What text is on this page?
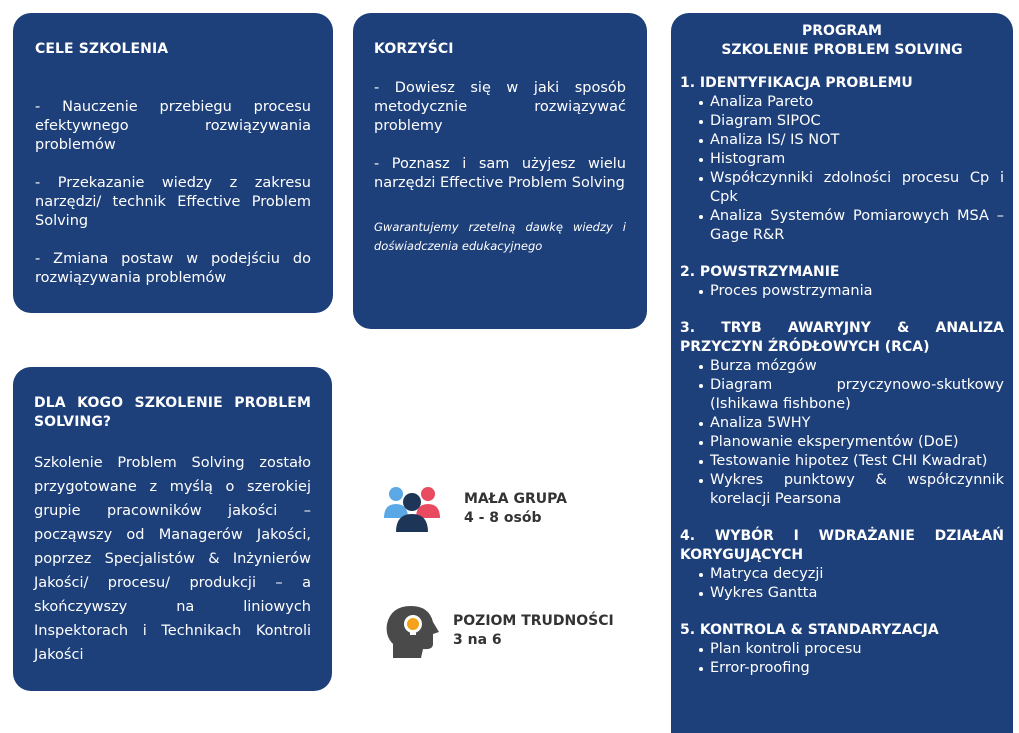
CELE SZKOLENIA

- Nauczenie przebiegu procesu efektywnego rozwiązywania problemów

- Przekazanie wiedzy z zakresu narzędzi/ technik Effective Problem Solving

- Zmiana postaw w podejściu do rozwiązywania problemów

KORZYŚCI

- Dowiesz się w jaki sposób metodycznie rozwiązywać problemy

- Poznasz i sam użyjesz wielu narzędzi Effective Problem Solving

Gwarantujemy rzetelną dawkę wiedzy i doświadczenia edukacyjnego

DLA KOGO SZKOLENIE PROBLEM SOLVING?

Szkolenie Problem Solving zostało przygotowane z myślą o szerokiej grupie pracowników jakości – począwszy od Managerów Jakości, poprzez Specjalistów & Inżynierów Jakości/ procesu/ produkcji – a skończywszy na liniowych Inspektorach i Technikach Kontroli Jakości

MAŁA GRUPA
4 - 8 osób
POZIOM TRUDNOŚCI
3 na 6
PROGRAM
SZKOLENIE PROBLEM SOLVING
1. IDENTYFIKACJA PROBLEMU
Analiza Pareto
Diagram SIPOC
Analiza IS/ IS NOT
Histogram
Współczynniki zdolności procesu Cp i Cpk
Analiza Systemów Pomiarowych MSA – Gage R&R
2. POWSTRZYMANIE
Proces powstrzymania
3. TRYB AWARYJNY & ANALIZA PRZYCZYN ŹRÓDŁOWYCH (RCA)
Burza mózgów
Diagram przyczynowo-skutkowy (Ishikawa fishbone)
Analiza 5WHY
Planowanie eksperymentów (DoE)
Testowanie hipotez (Test CHI Kwadrat)
Wykres punktowy & współczynnik korelacji Pearsona
4. WYBÓR I WDRAŻANIE DZIAŁAŃ KORYGUJĄCYCH
Matryca decyzji
Wykres Gantta
5. KONTROLA & STANDARYZACJA
Plan kontroli procesu
Error-proofing
